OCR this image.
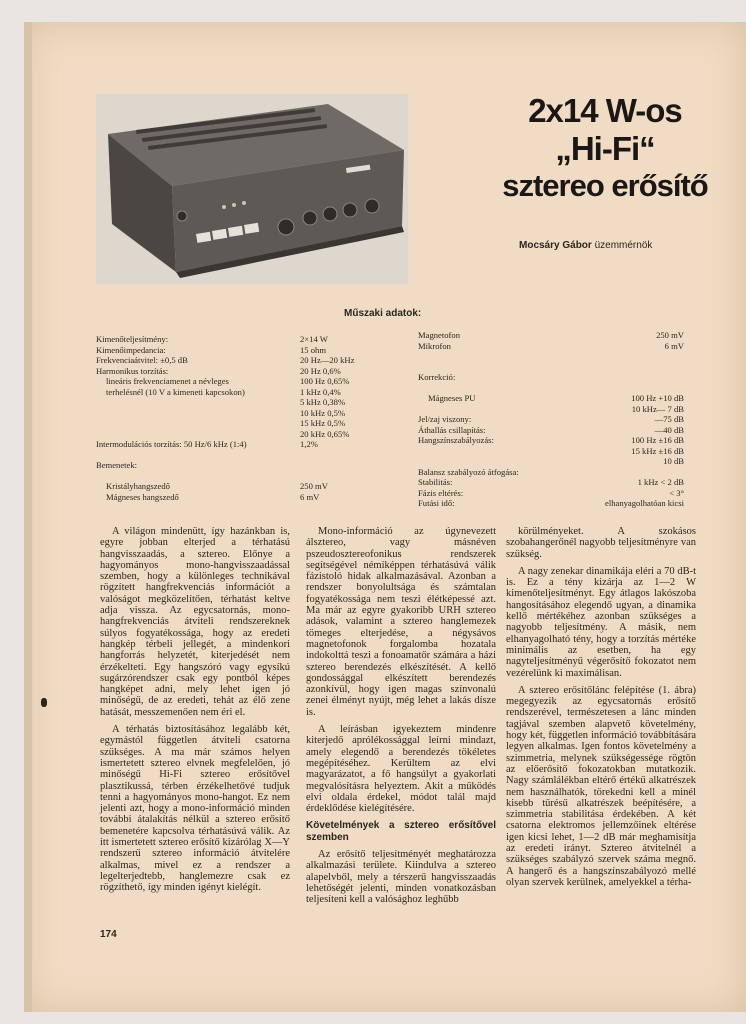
2x14 W-os
„Hi-Fi“
sztereo erősítő
Mocsáry Gábor üzemmérnök
Műszaki adatok:
Kimenőteljesítmény:
Kimenőimpedancia:
Frekvenciaátvitel: ±0,5 dB
Harmonikus torzítás:
lineáris frekvenciamenet a névleges
terhelésnél (10 V a kimeneti kapcsokon)
Intermodulációs torzítás: 50 Hz/6 kHz (1:4)
Bemenetek:
Kristályhangszedő
Mágneses hangszedő
2×14 W
15 ohm
20 Hz—20 kHz
20 Hz 0,6%
100 Hz 0,65%
1 kHz 0,4%
5 kHz 0,38%
10 kHz 0,5%
15 kHz 0,5%
20 kHz 0,65%
1,2%
250 mV
6 mV
Magnetofon
Mikrofon
Korrekció:
Mágneses PU
Jel/zaj viszony:
Áthallás csillapítás:
Hangszínszabályozás:
Balansz szabályozó átfogása:
Stabilitás:
Fázis eltérés:
Futási idő:
250 mV
6 mV
100 Hz +10 dB
10 kHz— 7 dB
—75 dB
—40 dB
100 Hz ±16 dB
15 kHz ±16 dB
10 dB
1 kHz < 2 dB
< 3°
elhanyagolhatóan kicsi

A világon mindenütt, így hazánkban is, egyre jobban elterjed a térhatású hangvisszaadás, a sztereo. Előnye a hagyományos mono-hangvisszaadással szemben, hogy a különleges technikával rögzített hangfrekvenciás információt a valóságot megközelítően, térhatást keltve adja vissza. Az egycsatornás, mono-hangfrekvenciás átviteli rendszereknek súlyos fogyatékossága, hogy az eredeti hangkép térbeli jellegét, a mindenkori hangforrás helyzetét, kiterjedését nem érzékelteti. Egy hangszóró vagy egysíkú sugárzórendszer csak egy pontból képes hangképet adni, mely lehet igen jó minőségű, de az eredeti, tehát az élő zene hatását, messzemenően nem éri el.

A térhatás biztosításához legalább két, egymástól független átviteli csatorna szükséges. A ma már számos helyen ismertetett sztereo elvnek megfelelően, jó minőségű Hi-Fi sztereo erősítővel plasztikussá, térben érzékelhetővé tudjuk tenni a hagyományos mono-hangot. Ez nem jelenti azt, hogy a mono-információ minden további átalakítás nélkül a sztereo erősítő bemenetére kapcsolva térhatásúvá válik. Az itt ismertetett sztereo erősítő kizárólag X—Y rendszerű sztereo információ átvitelére alkalmas, mivel ez a rendszer a legelterjedtebb, hanglemezre csak ez rögzíthető, így minden igényt kielégít.

Mono-információ az úgynevezett álsztereo, vagy másnéven pszeudosztereofonikus rendszerek segítségével némiképpen térhatásúvá válik fázistoló hidak alkalmazásával. Azonban a rendszer bonyolultsága és számtalan fogyatékossága nem teszi élétképessé azt. Ma már az egyre gyakoribb URH sztereo adások, valamint a sztereo hanglemezek tömeges elterjedése, a négysávos magnetofonok forgalomba hozatala indokolttá teszi a fonoamatőr számára a házi sztereo berendezés elkészítését. A kellő gondossággal elkészített berendezés azonkívül, hogy igen magas színvonalú zenei élményt nyújt, még lehet a lakás dísze is.

A leírásban igyekeztem mindenre kiterjedő aprólékossággal leírni mindazt, amely elegendő a berendezés tökéletes megépítéséhez. Kerültem az elvi magyarázatot, a fő hangsúlyt a gyakorlati megvalósításra helyeztem. Akit a működés elvi oldala érdekel, módot talál majd érdeklődése kielégítésére.

Követelmények a sztereo erősítővel szemben

Az erősítő teljesítményét meghatározza alkalmazási területe. Kiindulva a sztereo alapelvből, mely a térszerű hangvisszaadás lehetőségét jelenti, minden vonatkozásban teljesíteni kell a valósághoz leghűbb

körülményeket. A szokásos szobahangerőnél nagyobb teljesítményre van szükség.

A nagy zenekar dinamikája eléri a 70 dB-t is. Ez a tény kizárja az 1—2 W kimenőteljesítményt. Egy átlagos lakószoba hangosításához elegendő ugyan, a dinamika kellő mértékéhez azonban szükséges a nagyobb teljesítmény. A másik, nem elhanyagolható tény, hogy a torzítás mértéke minimális az esetben, ha egy nagyteljesítményű végerősítő fokozatot nem vezérelünk ki maximálisan.

A sztereo erősítőlánc felépítése (1. ábra) megegyezik az egycsatornás erősítő rendszerével, természetesen a lánc minden tagjával szemben alapvető követelmény, hogy két, független információ továbbítására legyen alkalmas. Igen fontos követelmény a szimmetria, melynek szükségessége rögtön az előerősítő fokozatokban mutatkozik. Nagy számlálékban eltérő értékű alkatrészek nem használhatók, törekedni kell a minél kisebb tűrésű alkatrészek beépítésére, a szimmetria stabilitása érdekében. A két csatorna elektromos jellemzőinek eltérése igen kicsi lehet, 1—2 dB már meghamisítja az eredeti irányt. Sztereo átvitelnél a szükséges szabályzó szervek száma megnő. A hangerő és a hangszínszabályozó mellé olyan szervek kerülnek, amelyekkel a térha-

174
